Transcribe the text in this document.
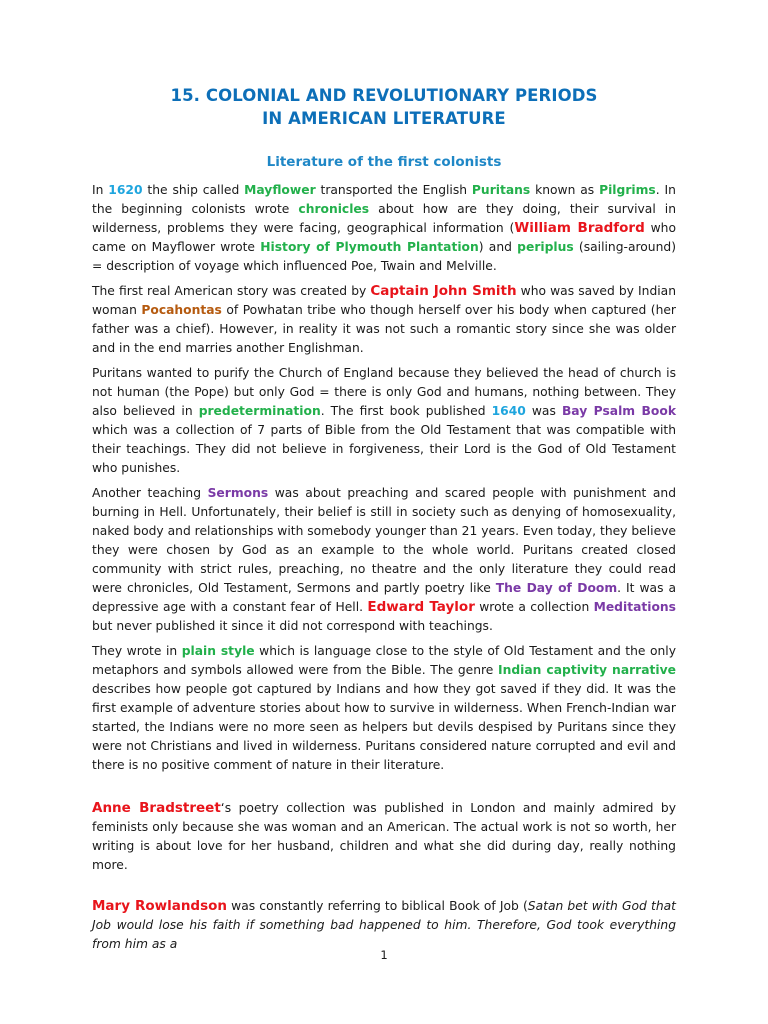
15. COLONIAL AND REVOLUTIONARY PERIODS
IN AMERICAN LITERATURE
Literature of the first colonists

In 1620 the ship called Mayflower transported the English Puritans known as Pilgrims. In the beginning colonists wrote chronicles about how are they doing, their survival in wilderness, problems they were facing, geographical information (William Bradford who came on Mayflower wrote History of Plymouth Plantation) and periplus (sailing-around) = description of voyage which influenced Poe, Twain and Melville.

The first real American story was created by Captain John Smith who was saved by Indian woman Pocahontas of Powhatan tribe who though herself over his body when captured (her father was a chief). However, in reality it was not such a romantic story since she was older and in the end marries another Englishman.

Puritans wanted to purify the Church of England because they believed the head of church is not human (the Pope) but only God = there is only God and humans, nothing between. They also believed in predetermination. The first book published 1640 was Bay Psalm Book which was a collection of 7 parts of Bible from the Old Testament that was compatible with their teachings. They did not believe in forgiveness, their Lord is the God of Old Testament who punishes.

Another teaching Sermons was about preaching and scared people with punishment and burning in Hell. Unfortunately, their belief is still in society such as denying of homosexuality, naked body and relationships with somebody younger than 21 years. Even today, they believe they were chosen by God as an example to the whole world. Puritans created closed community with strict rules, preaching, no theatre and the only literature they could read were chronicles, Old Testament, Sermons and partly poetry like The Day of Doom. It was a depressive age with a constant fear of Hell. Edward Taylor wrote a collection Meditations but never published it since it did not correspond with teachings.

They wrote in plain style which is language close to the style of Old Testament and the only metaphors and symbols allowed were from the Bible. The genre Indian captivity narrative describes how people got captured by Indians and how they got saved if they did. It was the first example of adventure stories about how to survive in wilderness. When French-Indian war started, the Indians were no more seen as helpers but devils despised by Puritans since they were not Christians and lived in wilderness. Puritans considered nature corrupted and evil and there is no positive comment of nature in their literature.

Anne Bradstreet‘s poetry collection was published in London and mainly admired by feminists only because she was woman and an American. The actual work is not so worth, her writing is about love for her husband, children and what she did during day, really nothing more.

Mary Rowlandson was constantly referring to biblical Book of Job (Satan bet with God that Job would lose his faith if something bad happened to him. Therefore, God took everything from him as a

1
